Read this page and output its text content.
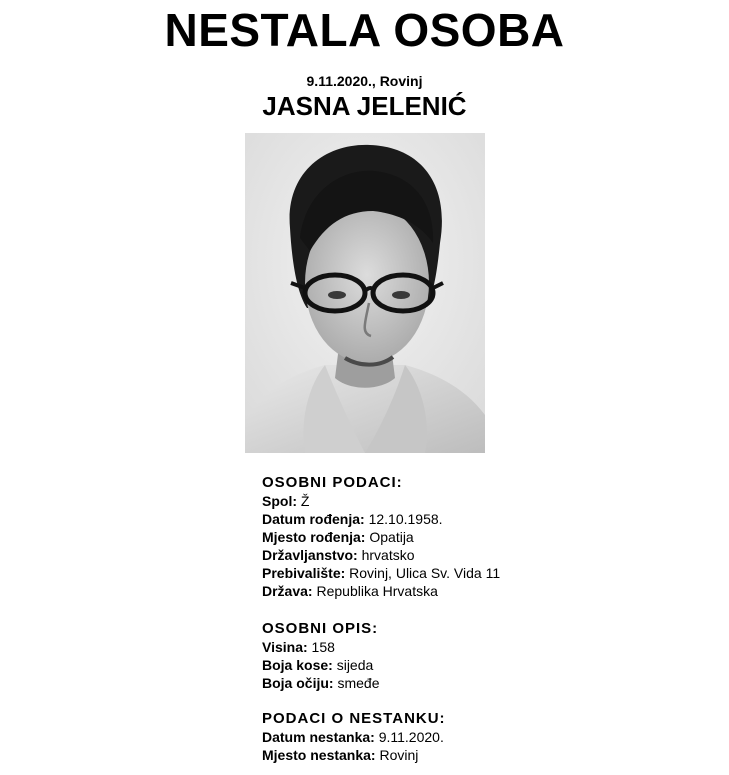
NESTALA OSOBA
9.11.2020., Rovinj
JASNA JELENIĆ
OSOBNI PODACI:
Spol: Ž
Datum rođenja: 12.10.1958.
Mjesto rođenja: Opatija
Državljanstvo: hrvatsko
Prebivalište: Rovinj, Ulica Sv. Vida 11
Država: Republika Hrvatska
OSOBNI OPIS:
Visina: 158
Boja kose: sijeda
Boja očiju: smeđe
PODACI O NESTANKU:
Datum nestanka: 9.11.2020.
Mjesto nestanka: Rovinj
